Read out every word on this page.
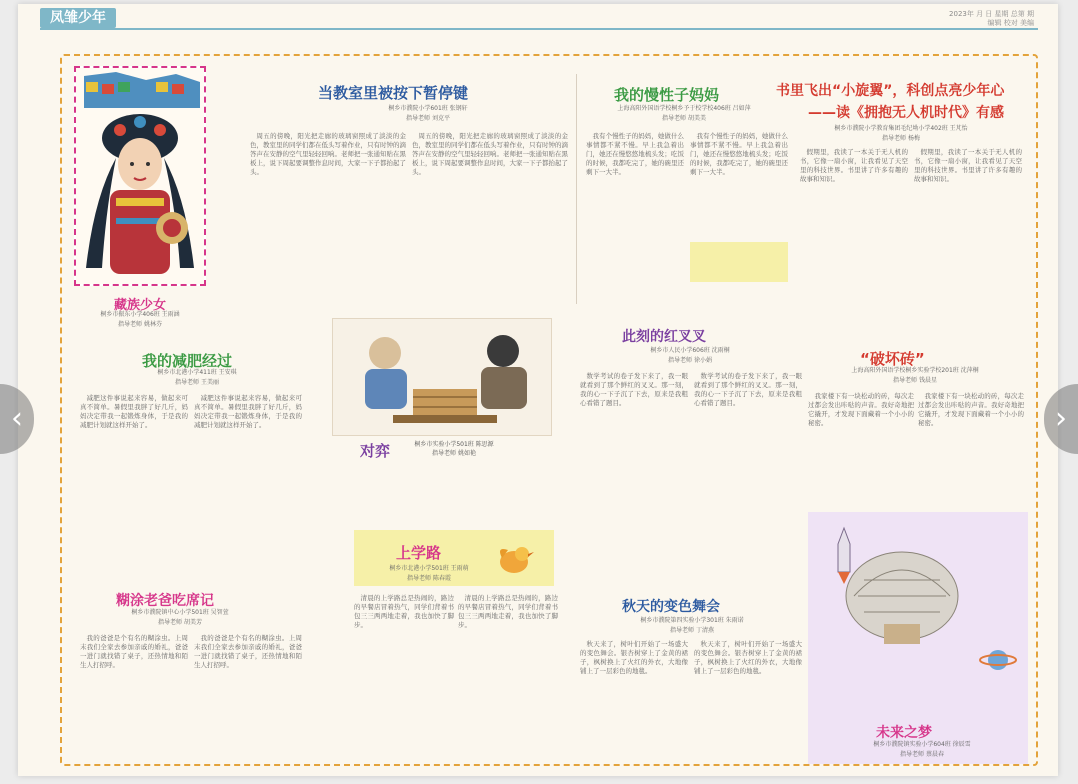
凤雏少年	2023年 月 日 星期 总第 期
编辑 校对 美编
藏族少女
桐乡市振东小学406班 王雨涵
指导老师 姚林芬
当教室里被按下暂停键
桐乡市濮院小学601班 张钢轩
指导老师 刘克平

周五的傍晚，阳光把走廊的玻璃窗照成了淡淡的金色，教室里的同学们都在低头写着作业，只有时钟的滴答声在安静的空气里轻轻回响。老师把一张通知贴在黑板上，说下周起要调整作息时间，大家一下子都抬起了头。

周五的傍晚，阳光把走廊的玻璃窗照成了淡淡的金色，教室里的同学们都在低头写着作业，只有时钟的滴答声在安静的空气里轻轻回响。老师把一张通知贴在黑板上，说下周起要调整作息时间，大家一下子都抬起了头。

我的慢性子妈妈
上海高阳外国语学校桐乡予于校学校406班 吕如萍
指导老师 胡美美

我有个慢性子的妈妈，她做什么事情都不紧不慢。早上我急着出门，她还在慢悠悠地梳头发；吃饭的时候，我都吃完了，她的碗里还剩下一大半。

我有个慢性子的妈妈，她做什么事情都不紧不慢。早上我急着出门，她还在慢悠悠地梳头发；吃饭的时候，我都吃完了，她的碗里还剩下一大半。

书里飞出“小旋翼”，科创点亮少年心
——读《拥抱无人机时代》有感
桐乡市濮院小学教育集团毛纪坳小学402班 王芃怡
指导老师 杨梅

假期里，我读了一本关于无人机的书，它像一扇小窗，让我看见了天空里的科技世界。书里讲了许多有趣的故事和知识。

假期里，我读了一本关于无人机的书，它像一扇小窗，让我看见了天空里的科技世界。书里讲了许多有趣的故事和知识。

我的减肥经过
桐乡市北港小学411班 王安琪
指导老师 王美丽

减肥这件事说起来容易，做起来可真不简单。暑假里我胖了好几斤，妈妈决定带我一起锻炼身体，于是我的减肥计划就这样开始了。

减肥这件事说起来容易，做起来可真不简单。暑假里我胖了好几斤，妈妈决定带我一起锻炼身体，于是我的减肥计划就这样开始了。

桐乡市实验小学501班 陈思源
指导老师 姚如艳
对弈
此刻的红叉叉
桐乡市人民小学606班 沈雨桐
指导老师 徐小娟

数学考试的卷子发下来了，我一眼就看到了那个鲜红的叉叉。那一刻，我的心一下子沉了下去，原来是我粗心看错了题目。

数学考试的卷子发下来了，我一眼就看到了那个鲜红的叉叉。那一刻，我的心一下子沉了下去，原来是我粗心看错了题目。

“破坏砖”
上海高阳外国语学校桐乡实验学校201班 沈萍桐
指导老师 钱晨星

我家楼下有一块松动的砖，每次走过都会发出咔哒的声音。我好奇地把它撬开，才发现下面藏着一个小小的秘密。

我家楼下有一块松动的砖，每次走过都会发出咔哒的声音。我好奇地把它撬开，才发现下面藏着一个小小的秘密。

糊涂老爸吃席记
桐乡市濮院镇中心小学501班 吴智萱
指导老师 胡美芳

我的爸爸是个有名的糊涂虫。上周末我们全家去参加亲戚的婚礼，爸爸一进门就找错了桌子，还热情地和陌生人打招呼。

我的爸爸是个有名的糊涂虫。上周末我们全家去参加亲戚的婚礼，爸爸一进门就找错了桌子，还热情地和陌生人打招呼。

上学路
桐乡市北港小学501班 王雨萌
指导老师 陈春霞

清晨的上学路总是热闹的，路边的早餐店冒着热气，同学们背着书包三三两两地走着，我也加快了脚步。

清晨的上学路总是热闹的，路边的早餐店冒着热气，同学们背着书包三三两两地走着，我也加快了脚步。

秋天的变色舞会
桐乡市濮院第四实验小学301班 朱雨诺
指导老师 丁清燕

秋天来了，树叶们开始了一场盛大的变色舞会。银杏树穿上了金黄的裙子，枫树换上了火红的外衣，大地像铺上了一层彩色的地毯。

秋天来了，树叶们开始了一场盛大的变色舞会。银杏树穿上了金黄的裙子，枫树换上了火红的外衣，大地像铺上了一层彩色的地毯。

未来之梦
桐乡市濮院镇实验小学604班 徐辰雪
指导老师 蔡晨春
‹	›
